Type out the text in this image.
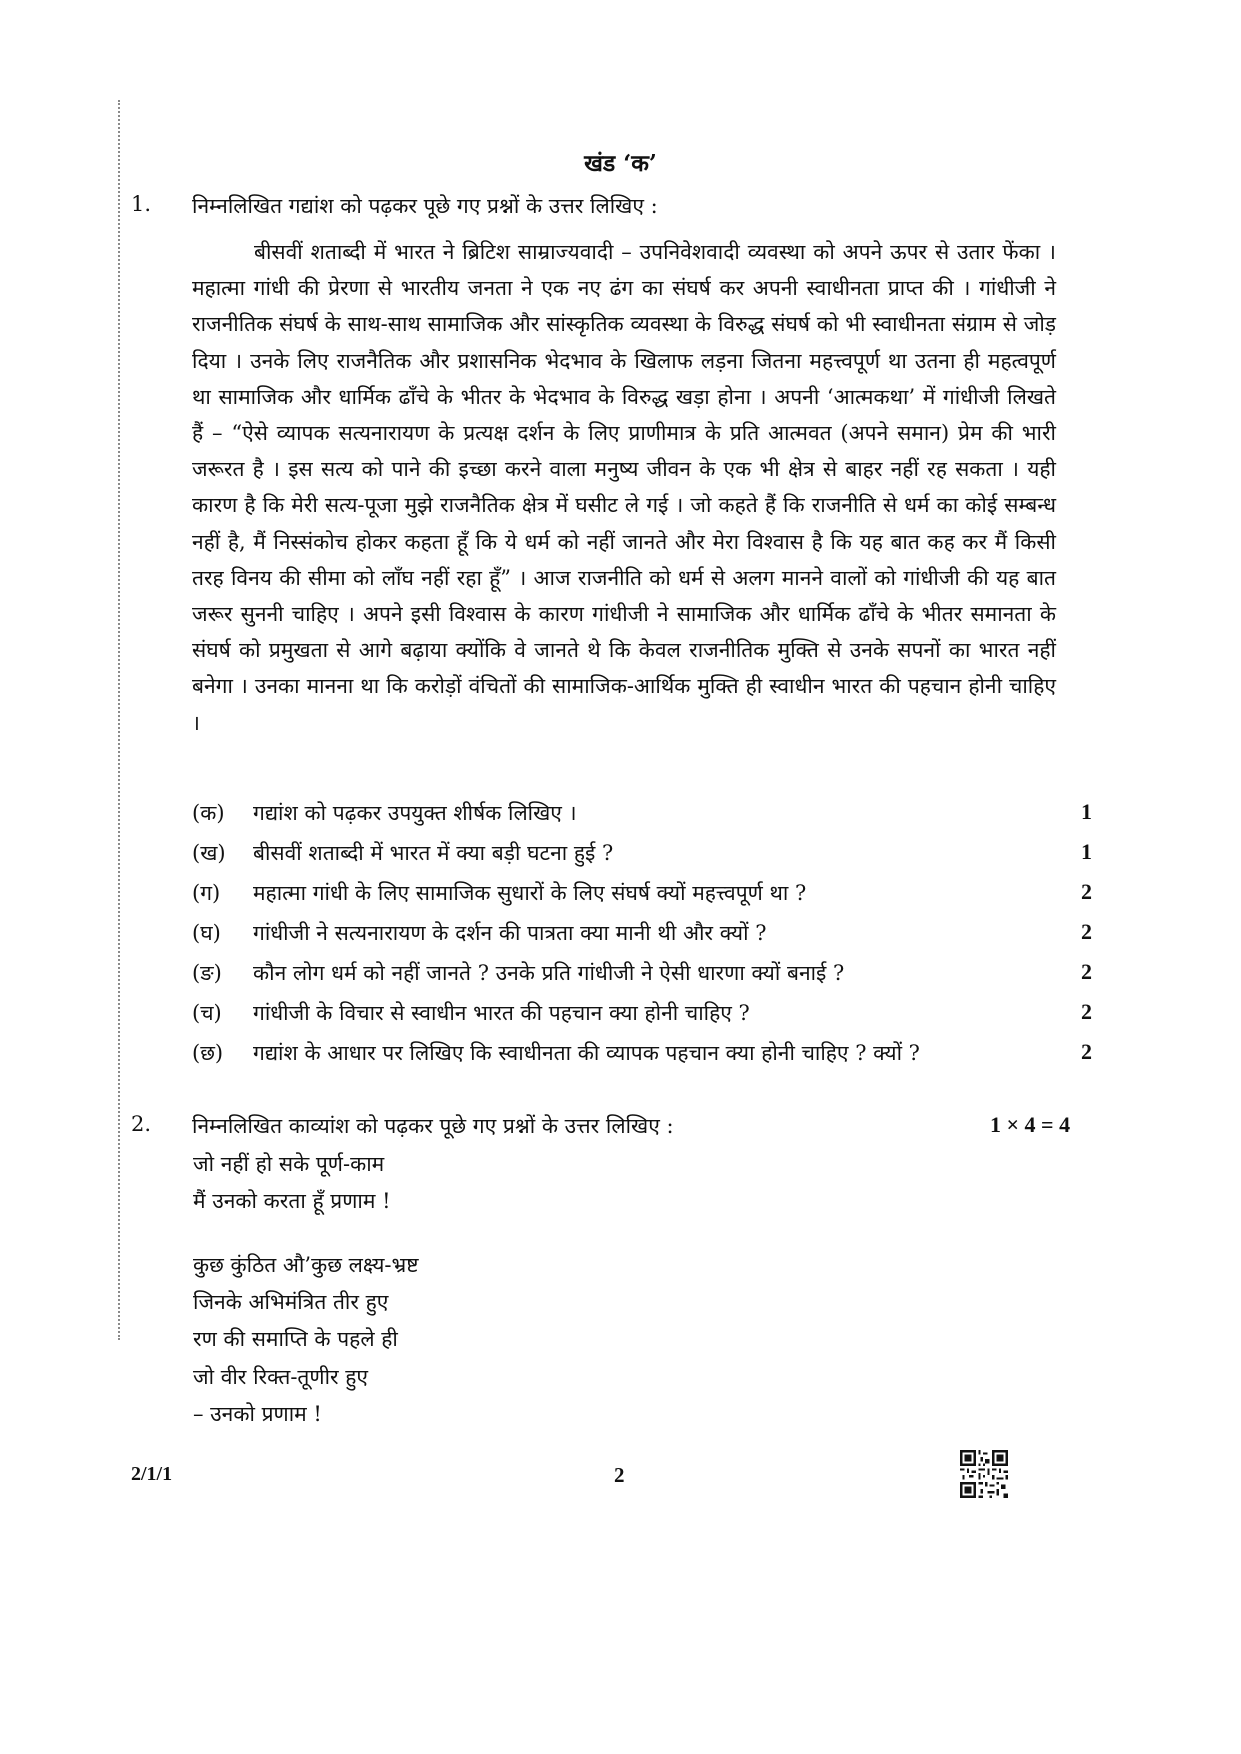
खंड ‘क’
1. निम्नलिखित गद्यांश को पढ़कर पूछे गए प्रश्नों के उत्तर लिखिए :
बीसवीं शताब्दी में भारत ने ब्रिटिश साम्राज्यवादी – उपनिवेशवादी व्यवस्था को अपने ऊपर से उतार फेंका । महात्मा गांधी की प्रेरणा से भारतीय जनता ने एक नए ढंग का संघर्ष कर अपनी स्वाधीनता प्राप्त की । गांधीजी ने राजनीतिक संघर्ष के साथ-साथ सामाजिक और सांस्कृतिक व्यवस्था के विरुद्ध संघर्ष को भी स्वाधीनता संग्राम से जोड़ दिया । उनके लिए राजनैतिक और प्रशासनिक भेदभाव के खिलाफ लड़ना जितना महत्त्वपूर्ण था उतना ही महत्वपूर्ण था सामाजिक और धार्मिक ढाँचे के भीतर के भेदभाव के विरुद्ध खड़ा होना । अपनी ‘आत्मकथा’ में गांधीजी लिखते हैं – “ऐसे व्यापक सत्यनारायण के प्रत्यक्ष दर्शन के लिए प्राणीमात्र के प्रति आत्मवत (अपने समान) प्रेम की भारी जरूरत है । इस सत्य को पाने की इच्छा करने वाला मनुष्य जीवन के एक भी क्षेत्र से बाहर नहीं रह सकता । यही कारण है कि मेरी सत्य-पूजा मुझे राजनैतिक क्षेत्र में घसीट ले गई । जो कहते हैं कि राजनीति से धर्म का कोई सम्बन्ध नहीं है, मैं निस्संकोच होकर कहता हूँ कि ये धर्म को नहीं जानते और मेरा विश्वास है कि यह बात कह कर मैं किसी तरह विनय की सीमा को लाँघ नहीं रहा हूँ” । आज राजनीति को धर्म से अलग मानने वालों को गांधीजी की यह बात जरूर सुननी चाहिए । अपने इसी विश्वास के कारण गांधीजी ने सामाजिक और धार्मिक ढाँचे के भीतर समानता के संघर्ष को प्रमुखता से आगे बढ़ाया क्योंकि वे जानते थे कि केवल राजनीतिक मुक्ति से उनके सपनों का भारत नहीं बनेगा । उनका मानना था कि करोड़ों वंचितों की सामाजिक-आर्थिक मुक्ति ही स्वाधीन भारत की पहचान होनी चाहिए ।
(क) गद्यांश को पढ़कर उपयुक्त शीर्षक लिखिए ।	1
(ख) बीसवीं शताब्दी में भारत में क्या बड़ी घटना हुई ?	1
(ग) महात्मा गांधी के लिए सामाजिक सुधारों के लिए संघर्ष क्यों महत्त्वपूर्ण था ?	2
(घ) गांधीजी ने सत्यनारायण के दर्शन की पात्रता क्या मानी थी और क्यों ?	2
(ङ) कौन लोग धर्म को नहीं जानते ? उनके प्रति गांधीजी ने ऐसी धारणा क्यों बनाई ?	2
(च) गांधीजी के विचार से स्वाधीन भारत की पहचान क्या होनी चाहिए ?	2
(छ) गद्यांश के आधार पर लिखिए कि स्वाधीनता की व्यापक पहचान क्या होनी चाहिए ? क्यों ?	2
2. निम्नलिखित काव्यांश को पढ़कर पूछे गए प्रश्नों के उत्तर लिखिए :	1 × 4 = 4
जो नहीं हो सके पूर्ण-काम
मैं उनको करता हूँ प्रणाम !
कुछ कुंठित औ’कुछ लक्ष्य-भ्रष्ट
जिनके अभिमंत्रित तीर हुए
रण की समाप्ति के पहले ही
जो वीर रिक्त-तूणीर हुए
– उनको प्रणाम !
2/1/1	2
